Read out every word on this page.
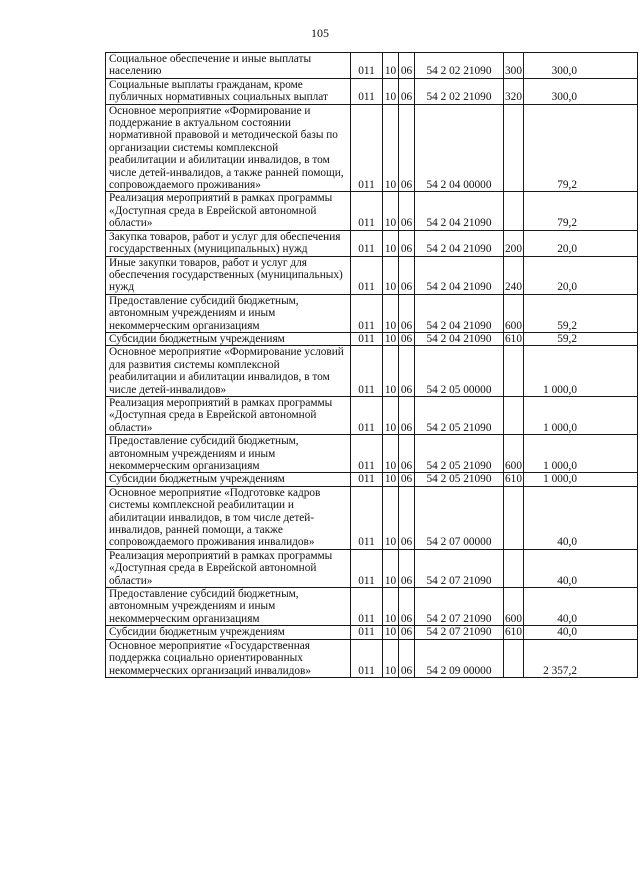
105
Социальное обеспечение и иные выплаты населению	011	10	06	54 2 02 21090	300	300,0
Социальные выплаты гражданам, кроме публичных нормативных социальных выплат	011	10	06	54 2 02 21090	320	300,0
Основное мероприятие «Формирование и поддержание в актуальном состоянии нормативной правовой и методической базы по организации системы комплексной реабилитации и абилитации инвалидов, в том числе детей-инвалидов, а также ранней помощи, сопровождаемого проживания»	011	10	06	54 2 04 00000		79,2
Реализация мероприятий в рамках программы «Доступная среда в Еврейской автономной области»	011	10	06	54 2 04 21090		79,2
Закупка товаров, работ и услуг для обеспечения государственных (муниципальных) нужд	011	10	06	54 2 04 21090	200	20,0
Иные закупки товаров, работ и услуг для обеспечения государственных (муниципальных) нужд	011	10	06	54 2 04 21090	240	20,0
Предоставление субсидий бюджетным, автономным учреждениям и иным некоммерческим организациям	011	10	06	54 2 04 21090	600	59,2
Субсидии бюджетным учреждениям	011	10	06	54 2 04 21090	610	59,2
Основное мероприятие «Формирование условий для развития системы комплексной реабилитации и абилитации инвалидов, в том числе детей-инвалидов»	011	10	06	54 2 05 00000		1 000,0
Реализация мероприятий в рамках программы «Доступная среда в Еврейской автономной области»	011	10	06	54 2 05 21090		1 000,0
Предоставление субсидий бюджетным, автономным учреждениям и иным некоммерческим организациям	011	10	06	54 2 05 21090	600	1 000,0
Субсидии бюджетным учреждениям	011	10	06	54 2 05 21090	610	1 000,0
Основное мероприятие «Подготовке кадров системы комплексной реабилитации и абилитации инвалидов, в том числе детей-инвалидов, ранней помощи, а также сопровождаемого проживания инвалидов»	011	10	06	54 2 07 00000		40,0
Реализация мероприятий в рамках программы «Доступная среда в Еврейской автономной области»	011	10	06	54 2 07 21090		40,0
Предоставление субсидий бюджетным, автономным учреждениям и иным некоммерческим организациям	011	10	06	54 2 07 21090	600	40,0
Субсидии бюджетным учреждениям	011	10	06	54 2 07 21090	610	40,0
Основное мероприятие «Государственная поддержка социально ориентированных некоммерческих организаций инвалидов»	011	10	06	54 2 09 00000		2 357,2
